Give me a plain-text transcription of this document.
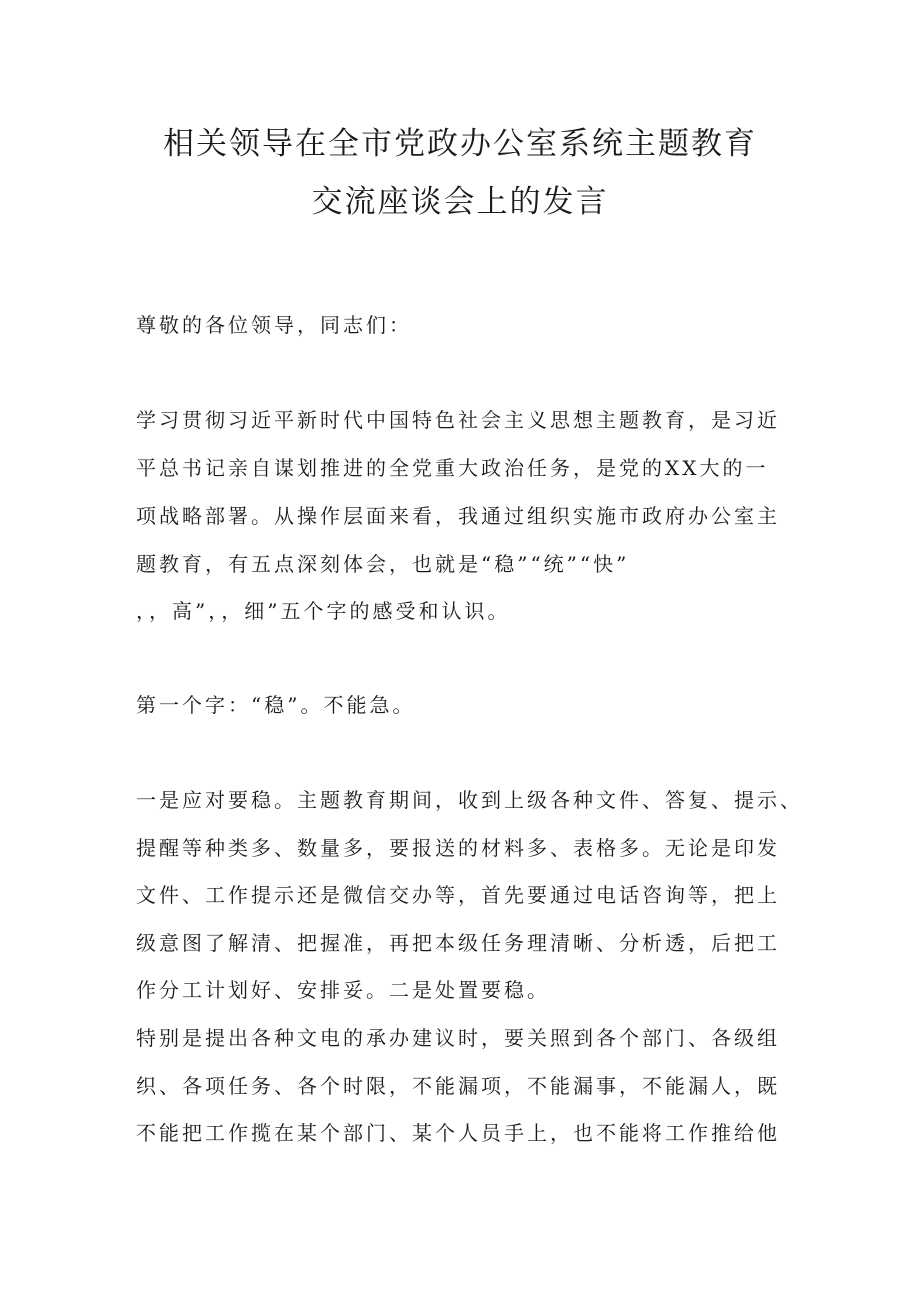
相关领导在全市党政办公室系统主题教育
交流座谈会上的发言
尊敬的各位领导，同志们：
学习贯彻习近平新时代中国特色社会主义思想主题教育，是习近
平总书记亲自谋划推进的全党重大政治任务，是党的XX大的一
项战略部署。从操作层面来看，我通过组织实施市政府办公室主
题教育，有五点深刻体会，也就是“稳”“统”“快”
，，高”，，细”五个字的感受和认识。
第一个字：“稳”。不能急。
一是应对要稳。主题教育期间，收到上级各种文件、答复、提示、
提醒等种类多、数量多，要报送的材料多、表格多。无论是印发
文件、工作提示还是微信交办等，首先要通过电话咨询等，把上
级意图了解清、把握准，再把本级任务理清晰、分析透，后把工
作分工计划好、安排妥。二是处置要稳。
特别是提出各种文电的承办建议时，要关照到各个部门、各级组
织、各项任务、各个时限，不能漏项，不能漏事，不能漏人，既
不能把工作揽在某个部门、某个人员手上，也不能将工作推给他
